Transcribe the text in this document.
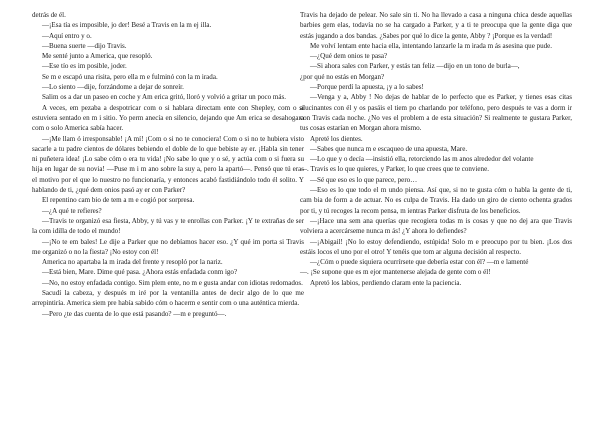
detrás de él.

—¡Esa tía es imposible, jo der! Besé a Travis en la m ej illa.

—Aquí entro y o.

—Buena suerte —dijo Travis.

Me senté junto a America, que resopló.

—Ese tío es im posible, joder.

Se m e escapó una risita, pero ella m e fulminó con la m irada.

—Lo siento —dije, forzándome a dejar de sonreír.

Salim os a dar un paseo en coche y Am erica gritó, lloró y volvió a gritar un poco más.

A veces, em pezaba a despotricar com o si hablara directam ente con Shepley, com o si estuviera sentado en m i sitio. Yo perm anecía en silencio, dejando que Am erica se desahogara com o solo America sabía hacer.

—¡Me llam ó irresponsable! ¡A mí! ¡Com o si no te conociera! Com o si no te hubiera visto sacarle a tu padre cientos de dólares bebiendo el doble de lo que bebiste ay er. ¡Habla sin tener ni puñetera idea! ¡Lo sabe cóm o era tu vida! ¡No sabe lo que y o sé, y actúa com o si fuera su hija en lugar de su novia! —Puse m i m ano sobre la suy a, pero la apartó—. Pensó que tú eras el motivo por el que lo nuestro no funcionaría, y entonces acabó fastidiándolo todo él solito. Y hablando de ti, ¿qué dem onios pasó ay er con Parker?

El repentino cam bio de tem a m e cogió por sorpresa.

—¿A qué te refieres?

—Travis te organizó esa fiesta, Abby, y tú vas y te enrollas con Parker. ¡Y te extrañas de ser la com idilla de todo el mundo!

—¡No te em bales! Le dije a Parker que no debíamos hacer eso. ¿Y qué im porta si Travis me organizó o no la fiesta? ¡No estoy con él!

America no apartaba la m irada del frente y resopló por la nariz.

—Está bien, Mare. Dime qué pasa. ¿Ahora estás enfadada conm igo?

—No, no estoy enfadada contigo. Sim plem ente, no m e gusta andar con idiotas redomados.

Sacudí la cabeza, y después m iré por la ventanilla antes de decir algo de lo que me arrepintiría. America siem pre había sabido cóm o hacerm e sentir com o una auténtica mierda.

—Pero ¿te das cuenta de lo que está pasando? —m e preguntó—.

Travis ha dejado de pelear. No sale sin ti. No ha llevado a casa a ninguna chica desde aquellas barbies gem elas, todavía no se ha cargado a Parker, y a ti te preocupa que la gente diga que estás jugando a dos bandas. ¿Sabes por qué lo dice la gente, Abby ? ¡Porque es la verdad!

Me volví lentam ente hacia ella, intentando lanzarle la m irada m ás asesina que pude.

—¿Qué dem onios te pasa?

—Si ahora sales con Parker, y estás tan feliz —dijo en un tono de burla—,

¿por qué no estás en Morgan?

—Porque perdí la apuesta, ¡y a lo sabes!

—Venga y a, Abby ! No dejas de hablar de lo perfecto que es Parker, y tienes esas citas alucinantes con él y os pasáis el tiem po charlando por teléfono, pero después te vas a dorm ir con Travis cada noche. ¿No ves el problem a de esta situación? Si realmente te gustara Parker, tus cosas estarían en Morgan ahora mismo.

Apreté los dientes.

—Sabes que nunca m e escaqueo de una apuesta, Mare.

—Lo que y o decía —insistió ella, retorciendo las m anos alrededor del volante

—. Travis es lo que quieres, y Parker, lo que crees que te conviene.

—Sé que eso es lo que parece, pero…

—Eso es lo que todo el m undo piensa. Así que, si no te gusta cóm o habla la gente de ti, cam bia de form a de actuar. No es culpa de Travis. Ha dado un giro de ciento ochenta grados por ti, y tú recoges la recom pensa, m ientras Parker disfruta de los beneficios.

—¡Hace una sem ana querías que recogiera todas m is cosas y que no dej ara que Travis volviera a acercárseme nunca m ás! ¿Y ahora lo defiendes?

—¡Abigail! ¡No lo estoy defendiendo, estúpida! Solo m e preocupo por tu bien. ¡Los dos estáis locos el uno por el otro! Y tenéis que tom ar alguna decisión al respecto.

—¿Cóm o puede siquiera ocurrírsete que debería estar con él? —m e lamenté

—. ¡Se supone que es m ejor mantenerse alejada de gente com o él!

Apretó los labios, perdiendo claram ente la paciencia.
